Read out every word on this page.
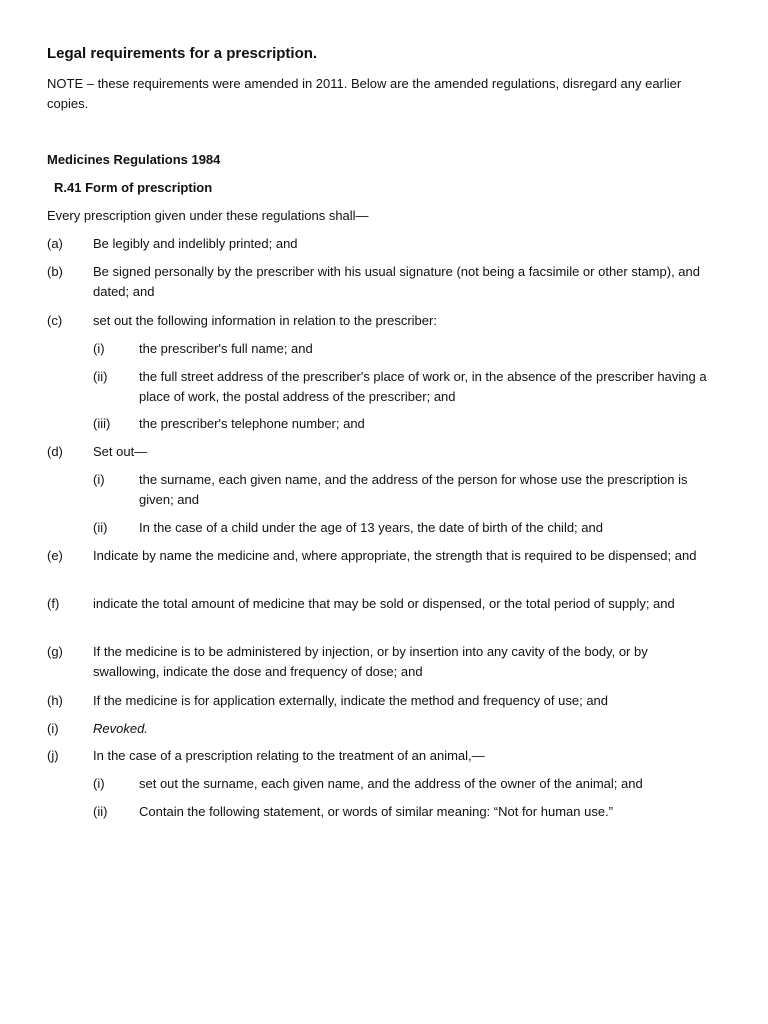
Legal requirements for a prescription.

NOTE – these requirements were amended in 2011. Below are the amended regulations, disregard any earlier copies.

Medicines Regulations 1984

R.41 Form of prescription

Every prescription given under these regulations shall—

(a) Be legibly and indelibly printed; and
(b) Be signed personally by the prescriber with his usual signature (not being a facsimile or other stamp), and dated; and
(c) set out the following information in relation to the prescriber:
(i)	the prescriber's full name; and
(ii) the full street address of the prescriber's place of work or, in the absence of the prescriber having a place of work, the postal address of the prescriber; and
(iii) the prescriber's telephone number; and
(d) Set out—
(i)	the surname, each given name, and the address of the person for whose use the prescription is given; and
(ii) In the case of a child under the age of 13 years, the date of birth of the child; and
(e) Indicate by name the medicine and, where appropriate, the strength that is required to be dispensed; and
(f)	indicate the total amount of medicine that may be sold or dispensed, or the total period of supply; and
(g) If the medicine is to be administered by injection, or by insertion into any cavity of the body, or by swallowing, indicate the dose and frequency of dose; and
(h) If the medicine is for application externally, indicate the method and frequency of use; and
(i)	Revoked.
(j)	In the case of a prescription relating to the treatment of an animal,—
(i)	set out the surname, each given name, and the address of the owner of the animal; and
(ii) Contain the following statement, or words of similar meaning: “Not for human use.”
